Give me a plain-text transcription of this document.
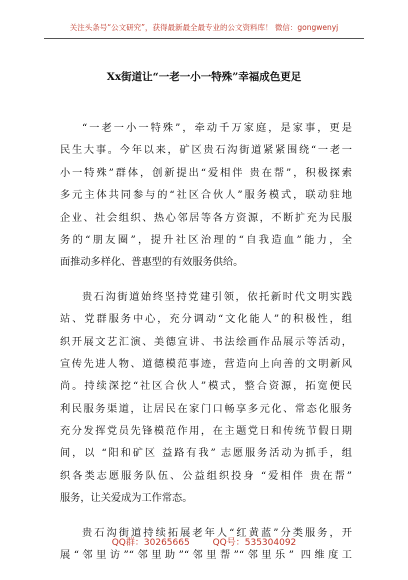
关注头条号“公文研究”，获得最新最全最专业的公文资料库！ 微信：gongwenyj
Xx街道让“一老一小一特殊”幸福成色更足
“一老一小一特殊”，牵动千万家庭，是家事，更是
民生大事。今年以来，矿区贵石沟街道紧紧围绕“一老一
小一特殊”群体，创新提出“爱相伴 贵在帮”，积极探索
多元主体共同参与的“社区合伙人”服务模式，联动驻地
企业、社会组织、热心邻居等各方资源，不断扩充为民服
务的“朋友圈”，提升社区治理的“自我造血”能力，全
面推动多样化、普惠型的有效服务供给。
贵石沟街道始终坚持党建引领，依托新时代文明实践
站、党群服务中心，充分调动“文化能人”的积极性，组
织开展文艺汇演、美德宣讲、书法绘画作品展示等活动，
宣传先进人物、道德模范事迹，营造向上向善的文明新风
尚。持续深挖“社区合伙人”模式，整合资源，拓宽便民
利民服务渠道，让居民在家门口畅享多元化、常态化服务
充分发挥党员先锋模范作用，在主题党日和传统节假日期
间，以 “阳和矿区 益路有我” 志愿服务活动为抓手，组
织各类志愿服务队伍、公益组织投身 “爱相伴 贵在帮”
服务，让关爱成为工作常态。
贵石沟街道持续拓展老年人“红黄蓝”分类服务，开
展“邻里访”“邻里助”“邻里帮”“邻里乐” 四维度工
QQ群：30265665	QQ号：535304092
